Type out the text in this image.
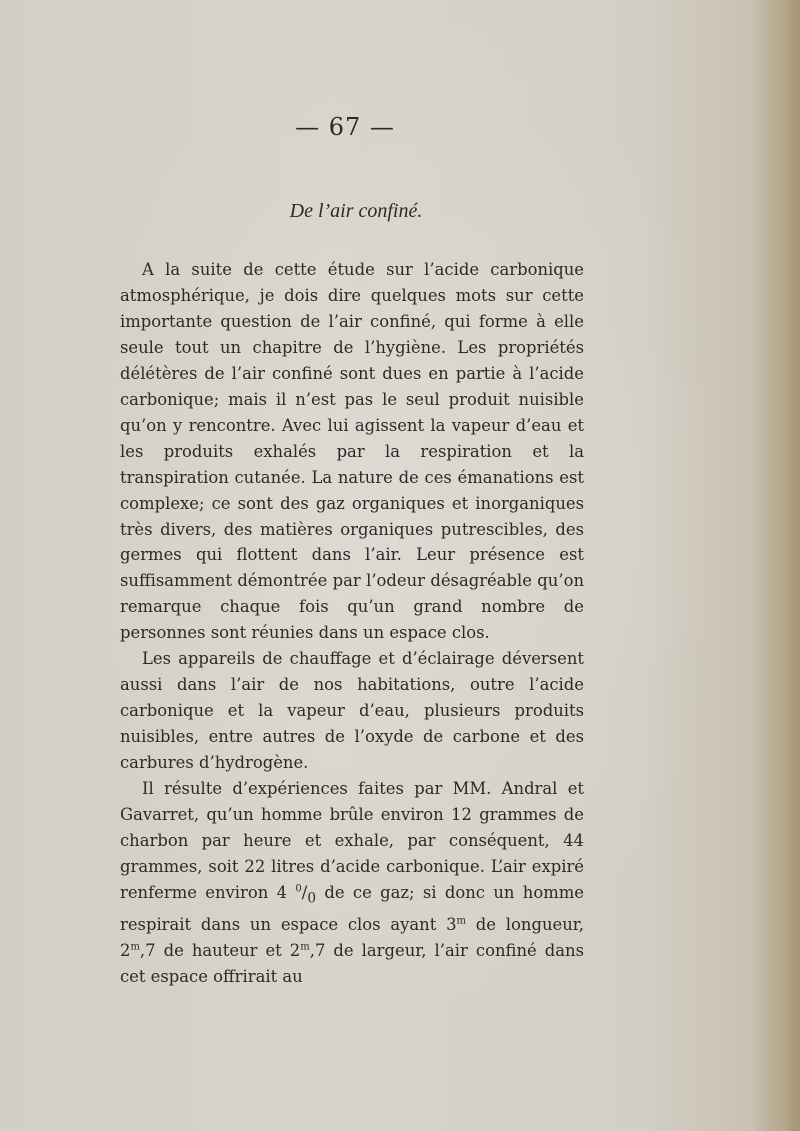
— 67 —
De l’air confiné.

A la suite de cette étude sur l’acide carbonique atmosphérique, je dois dire quelques mots sur cette importante question de l’air confiné, qui forme à elle seule tout un chapitre de l’hygiène. Les propriétés délétères de l’air confiné sont dues en partie à l’acide carbonique; mais il n’est pas le seul produit nuisible qu’on y rencontre. Avec lui agissent la vapeur d’eau et les produits exhalés par la respiration et la transpiration cutanée. La nature de ces émanations est complexe; ce sont des gaz organiques et inorganiques très divers, des matières organiques putrescibles, des germes qui flottent dans l’air. Leur présence est suffisamment démontrée par l’odeur désagréable qu’on remarque chaque fois qu’un grand nombre de personnes sont réunies dans un espace clos.

Les appareils de chauffage et d’éclairage déversent aussi dans l’air de nos habitations, outre l’acide carbonique et la vapeur d’eau, plusieurs produits nuisibles, entre autres de l’oxyde de carbone et des carbures d’hydrogène.

Il résulte d’expériences faites par MM. Andral et Gavarret, qu’un homme brûle environ 12 grammes de charbon par heure et exhale, par conséquent, 44 grammes, soit 22 litres d’acide carbonique. L’air expiré renferme environ 4 $^0/_0$ de ce gaz; si donc un homme respirait dans un espace clos ayant 3$^m$ de longueur, 2$^m$,7 de hauteur et 2$^m$,7 de largeur, l’air confiné dans cet espace offrirait au
